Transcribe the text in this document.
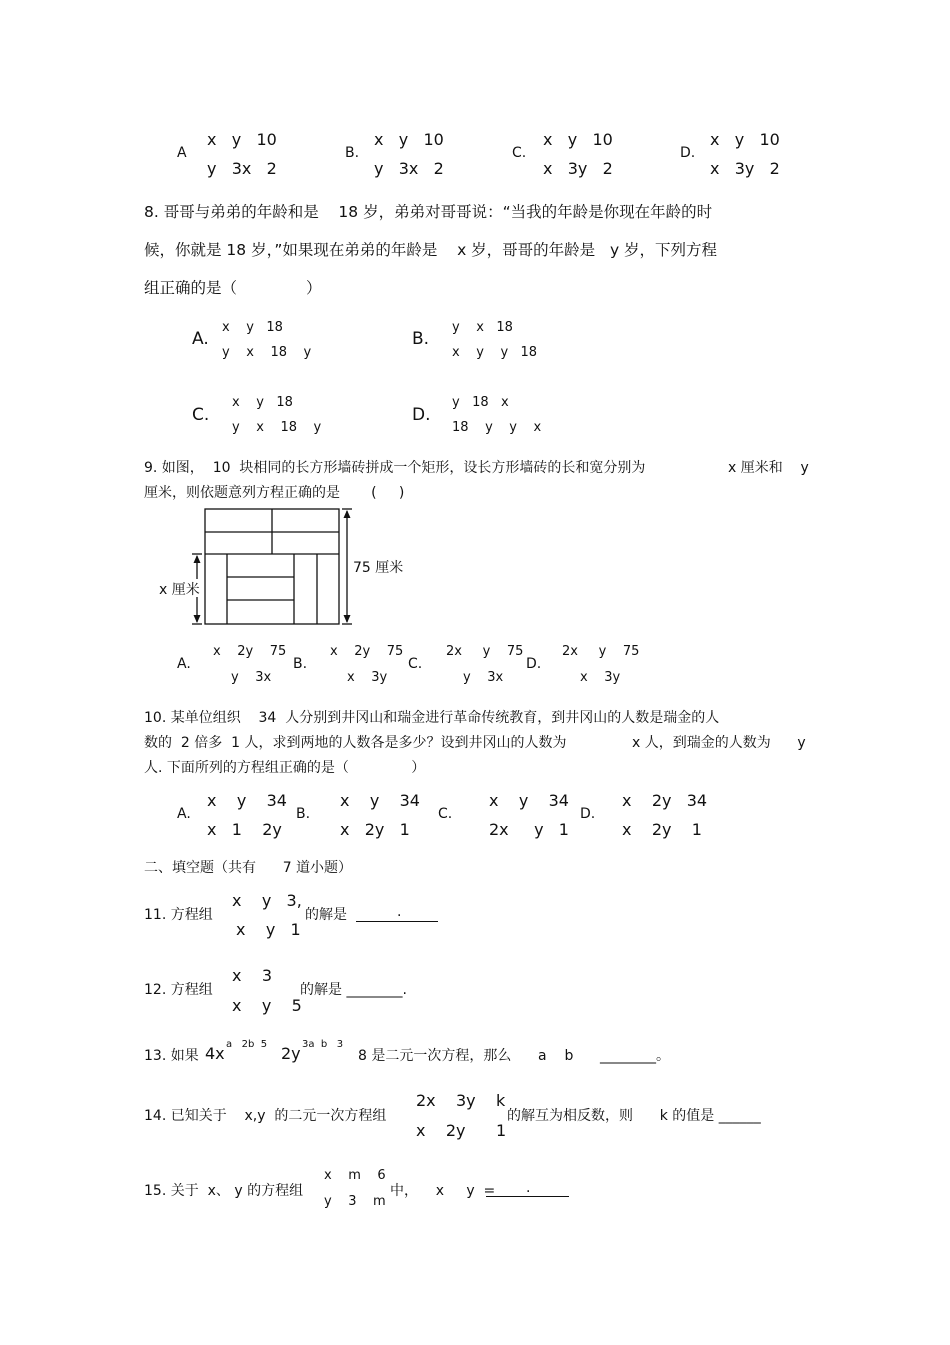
A
x   y   10
y   3x   2
B.
x   y   10
y   3x   2
C.
x   y   10
x   3y   2
D.
x   y   10
x   3y   2
8. 哥哥与弟弟的年龄和是    18 岁，弟弟对哥哥说：“当我的年龄是你现在年龄的时
候，你就是 18 岁，”如果现在弟弟的年龄是    x 岁，哥哥的年龄是   y 岁，下列方程
组正确的是（              ）
A.
x    y   18
y    x    18    y
B.
y    x   18
x    y    y   18
C.
x    y   18
y    x    18    y
D.
y   18   x
18    y    y    x
9. 如图，  10  块相同的长方形墙砖拼成一个矩形，设长方形墙砖的长和宽分别为	x 厘米和    y
厘米，则依题意列方程正确的是       (     )
x 厘米
75 厘米
A.
x    2y    75
y    3x
B.
x    2y    75
x    3y
C.
2x     y    75
y    3x
D.
2x     y    75
x    3y
10. 某单位组织    34  人分别到井冈山和瑞金进行革命传统教育，到井冈山的人数是瑞金的人
数的  2 倍多  1 人，求到两地的人数各是多少？设到井冈山的人数为	x 人，到瑞金的人数为      y
人. 下面所列的方程组正确的是（              ）
A.
x    y    34
x   1    2y
B.
x    y    34
x   2y   1
C.
x    y    34
2x     y   1
D.
x    2y   34
x    2y    1
二、填空题（共有      7 道小题）
11. 方程组
x    y   3,
x    y   1
的解是	.
12. 方程组
x    3
x    y    5
的解是 ________.
13. 如果 4x a   2b  5 2y 3a  b   3
8 是二元一次方程，那么      a    b      ________。
14. 已知关于    x,y  的二元一次方程组
2x    3y    k
x    2y      1
的解互为相反数，则      k 的值是 ______
15. 关于  x、 y 的方程组
x    m    6
y    3    m
中，    x     y  = .
